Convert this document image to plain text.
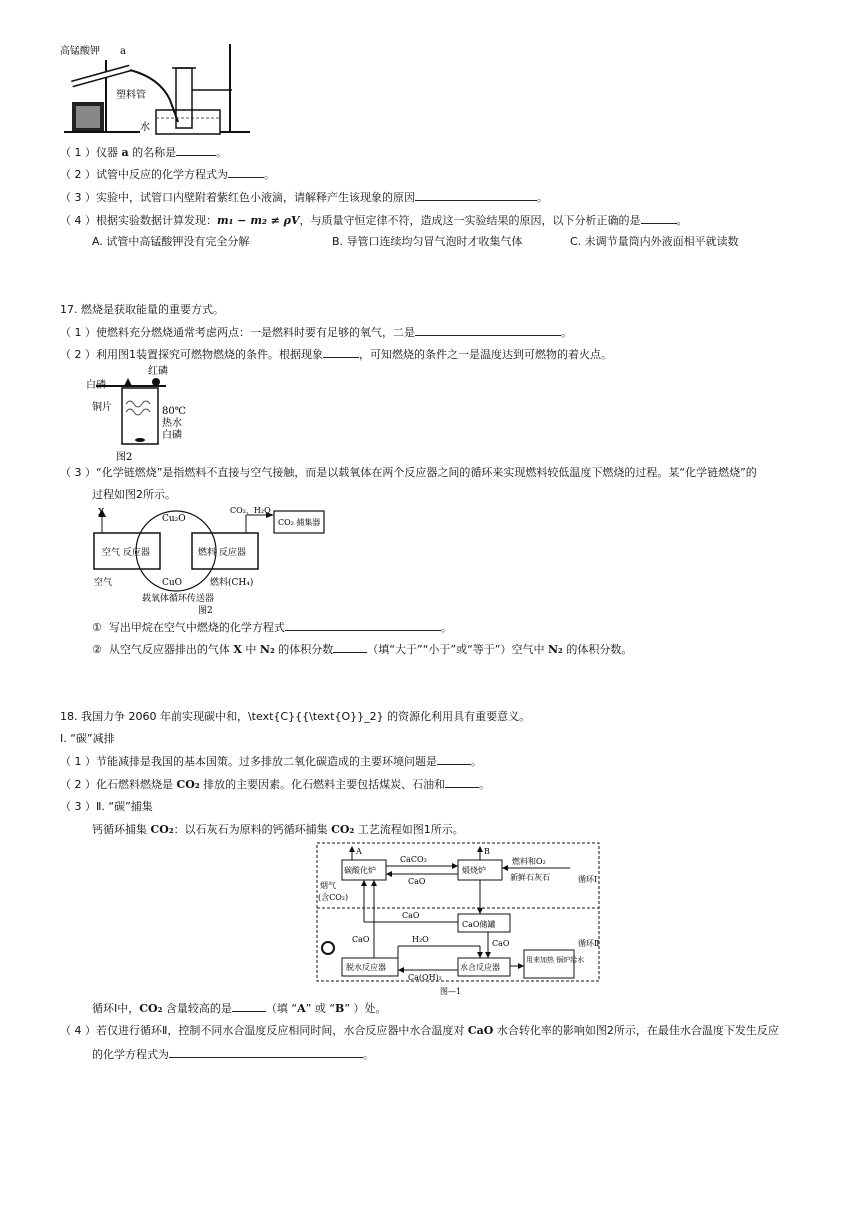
高锰酸钾 a
塑料管
水
（ 1 ）仪器 a 的名称是	。
（ 2 ）试管中反应的化学方程式为	。
（ 3 ）实验中，试管口内壁附着紫红色小液滴，请解释产生该现象的原因	。
（ 4 ）根据实验数据计算发现：m₁ − m₂ ≠ ρV，与质量守恒定律不符，造成这一实验结果的原因，以下分析正确的是	。
A. 试管中高锰酸钾没有完全分解	B. 导管口连续均匀冒气泡时才收集气体	C. 未调节量筒内外液面相平就读数
17. 燃烧是获取能量的重要方式。
（ 1 ）使燃料充分燃烧通常考虑两点：一是燃料时要有足够的氧气，二是	。
（ 2 ）利用图1装置探究可燃物燃烧的条件。根据现象	，可知燃烧的条件之一是温度达到可燃物的着火点。
白磷
红磷
铜片	80℃
热水
白磷
图2
（ 3 ）“化学链燃烧”是指燃料不直接与空气接触，而是以载氧体在两个反应器之间的循环来实现燃料较低温度下燃烧的过程。某“化学链燃烧”的
过程如图2所示。
X
Cu₂O
CO₂、H₂O
CO₂ 捕集器
空气 反应器	燃料 反应器
空气	CuO	燃料(CH₄)
载氧体循环传送器
图2
① 写出甲烷在空气中燃烧的化学方程式	。
② 从空气反应器排出的气体 X 中 N₂ 的体积分数	（填“大于”“小于”或“等于”）空气中 N₂ 的体积分数。
18. 我国力争 2060 年前实现碳中和，\text{C}{{\text{O}}_2} 的资源化利用具有重要意义。
Ⅰ. “碳”减排
（ 1 ）节能减排是我国的基本国策。过多排放二氧化碳造成的主要环境问题是	。
（ 2 ）化石燃料燃烧是 CO₂ 排放的主要因素。化石燃料主要包括煤炭、石油和	。
（ 3 ）Ⅱ. “碳”捕集
钙循环捕集 CO₂：以石灰石为原料的钙循环捕集 CO₂ 工艺流程如图1所示。
A	B
CaCO₃
CaO
碳酸化炉	煅烧炉
燃料和O₂
新鲜石灰石
烟气
(含CO₂)
CaO
CaO储罐
H₂O
CaO	CaO
脱水反应器	水合反应器
Ca(OH)₂
用来加热 锅炉给水
循环Ⅰ
循环Ⅱ
图—1
循环Ⅰ中，CO₂ 含量较高的是	（填 “A” 或 “B” ）处。
（ 4 ）若仅进行循环Ⅱ，控制不同水合温度反应相同时间，水合反应器中水合温度对 CaO 水合转化率的影响如图2所示，在最佳水合温度下发生反应
的化学方程式为	。
